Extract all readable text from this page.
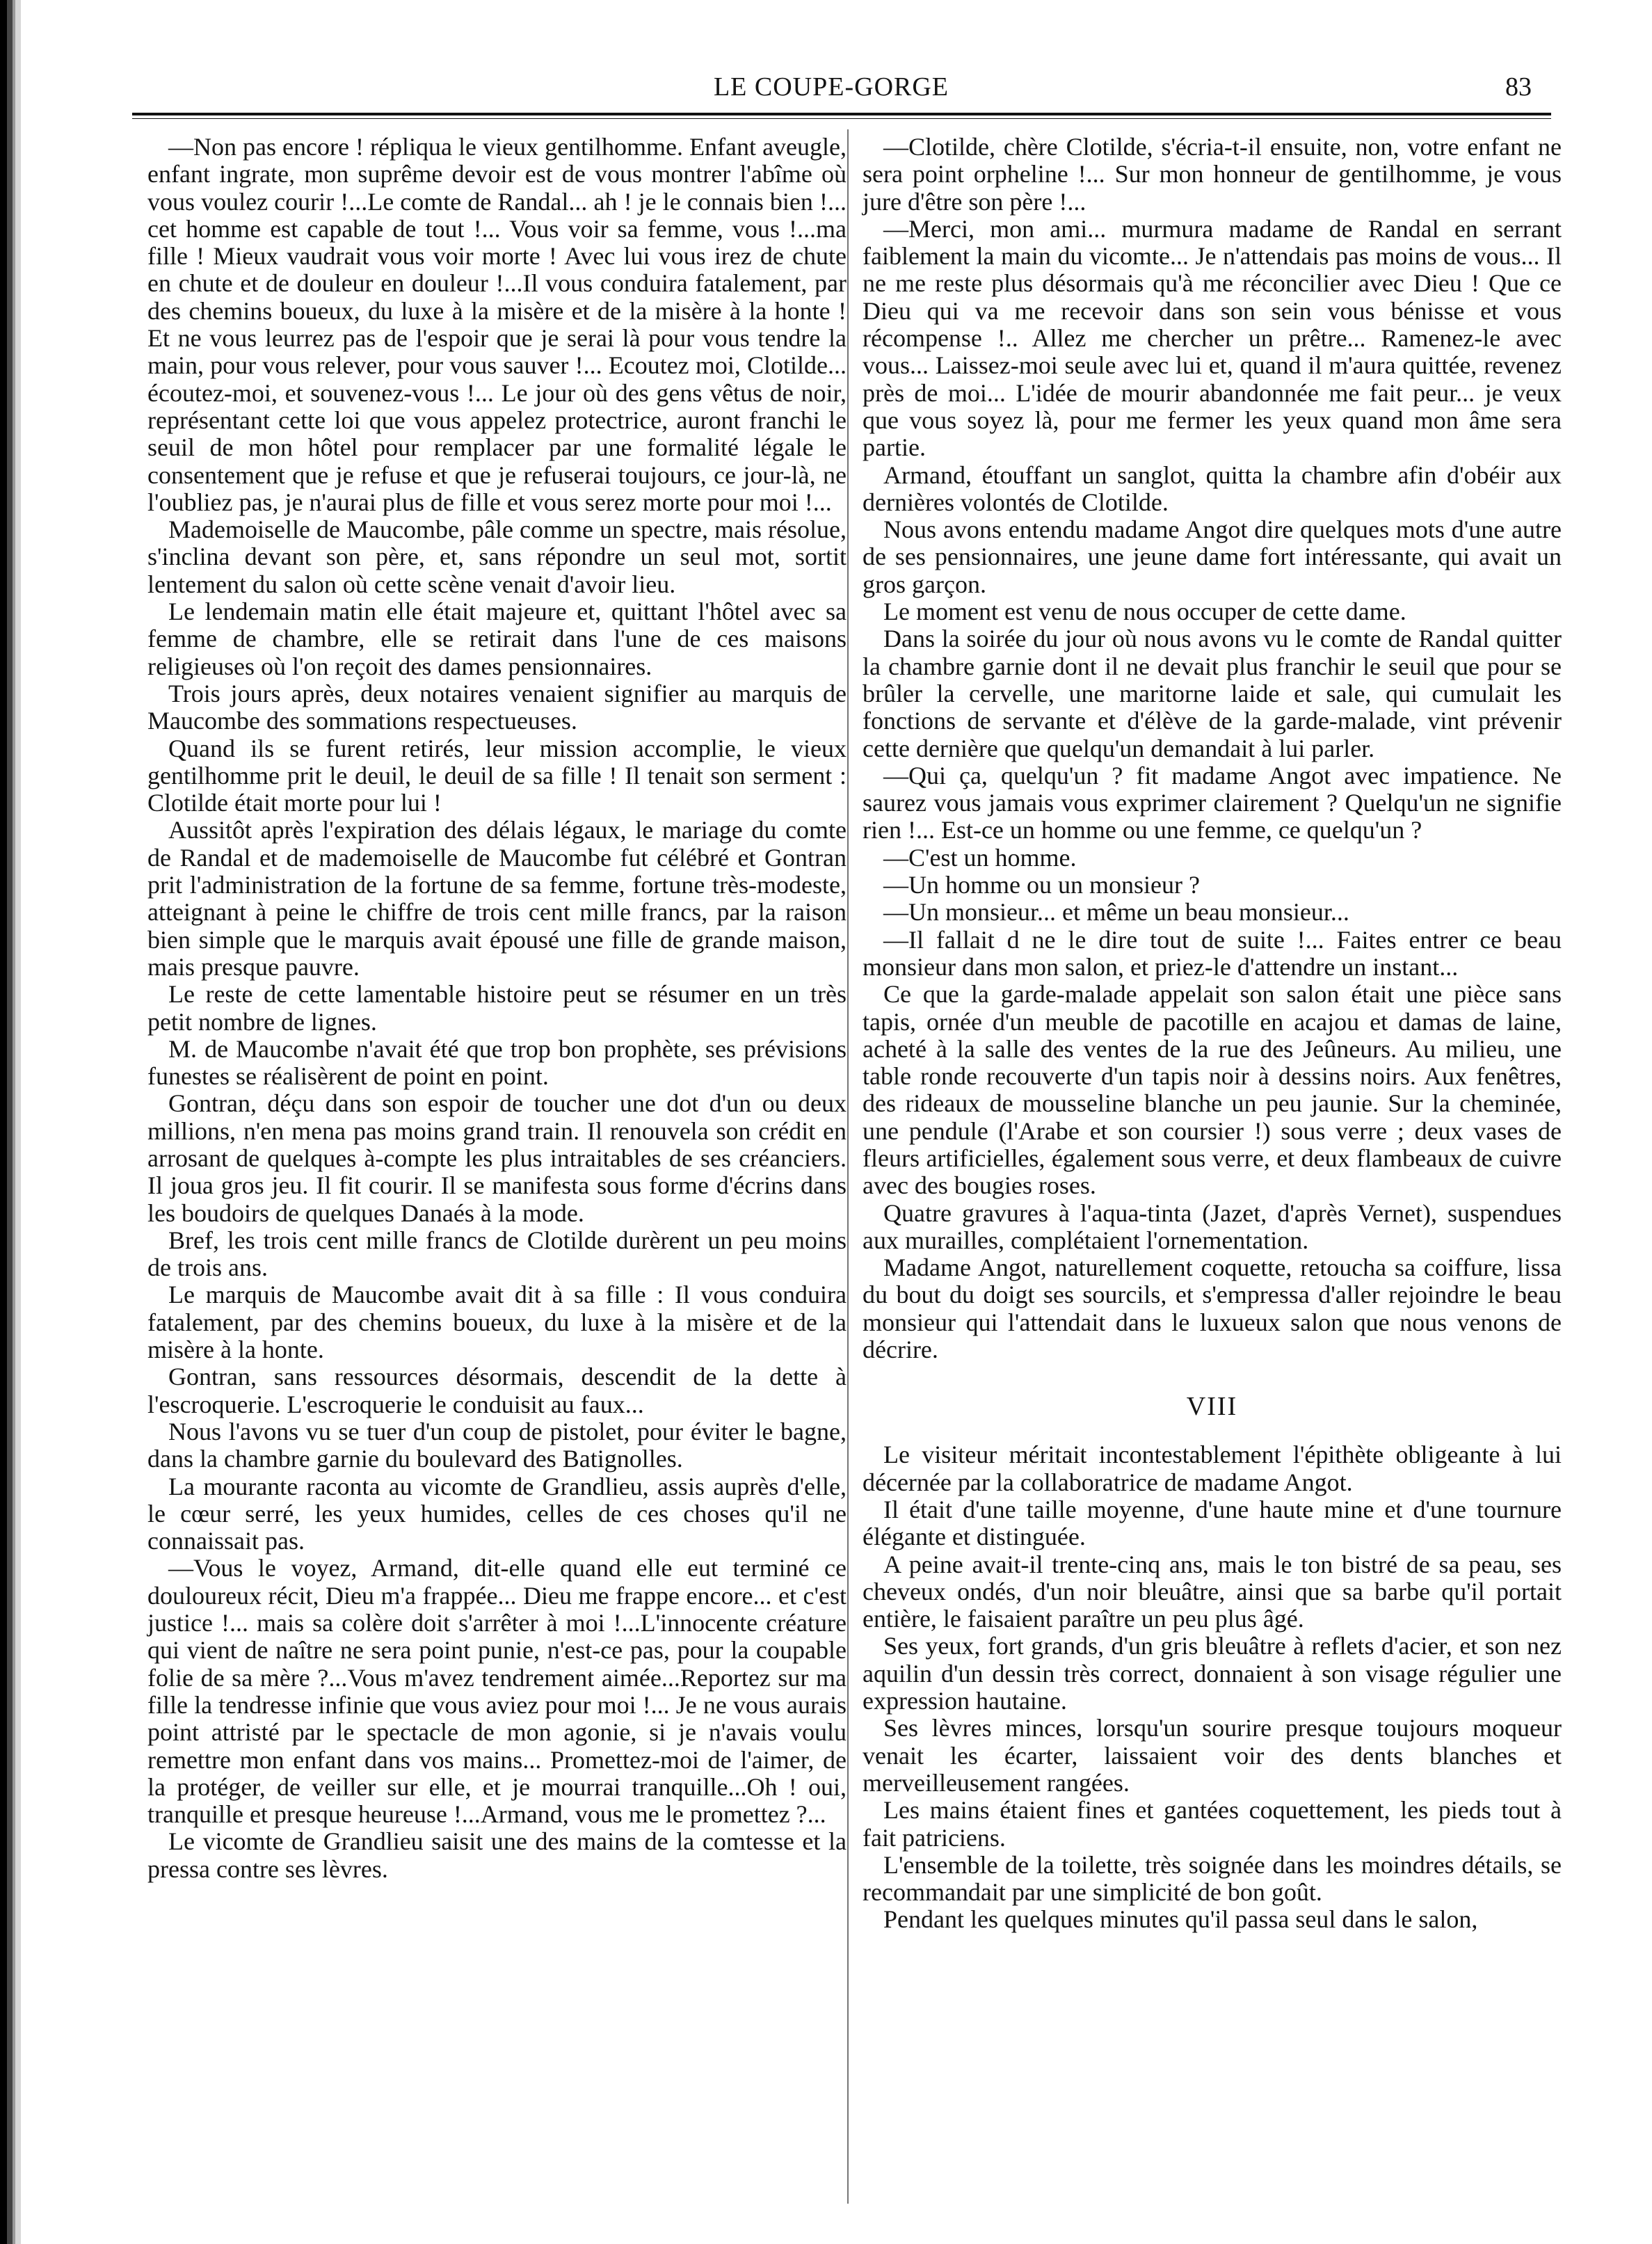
LE COUPE-GORGE	83

—Non pas encore ! répliqua le vieux gentilhomme. Enfant aveugle, enfant ingrate, mon suprême devoir est de vous montrer l'abîme où vous voulez courir !...Le comte de Randal... ah ! je le connais bien !... cet homme est capable de tout !... Vous voir sa femme, vous !...ma fille ! Mieux vaudrait vous voir morte ! Avec lui vous irez de chute en chute et de douleur en douleur !...Il vous conduira fatalement, par des chemins boueux, du luxe à la misère et de la misère à la honte ! Et ne vous leurrez pas de l'espoir que je serai là pour vous tendre la main, pour vous relever, pour vous sauver !... Ecoutez moi, Clotilde... écoutez-moi, et souvenez-vous !... Le jour où des gens vêtus de noir, représentant cette loi que vous appelez protectrice, auront franchi le seuil de mon hôtel pour remplacer par une formalité légale le consentement que je refuse et que je refuserai toujours, ce jour-là, ne l'oubliez pas, je n'aurai plus de fille et vous serez morte pour moi !...

Mademoiselle de Maucombe, pâle comme un spectre, mais résolue, s'inclina devant son père, et, sans répondre un seul mot, sortit lentement du salon où cette scène venait d'avoir lieu.

Le lendemain matin elle était majeure et, quittant l'hôtel avec sa femme de chambre, elle se retirait dans l'une de ces maisons religieuses où l'on reçoit des dames pensionnaires.

Trois jours après, deux notaires venaient signifier au marquis de Maucombe des sommations respectueuses.

Quand ils se furent retirés, leur mission accomplie, le vieux gentilhomme prit le deuil, le deuil de sa fille ! Il tenait son serment : Clotilde était morte pour lui !

Aussitôt après l'expiration des délais légaux, le mariage du comte de Randal et de mademoiselle de Maucombe fut célébré et Gontran prit l'administration de la fortune de sa femme, fortune très-modeste, atteignant à peine le chiffre de trois cent mille francs, par la raison bien simple que le marquis avait épousé une fille de grande maison, mais presque pauvre.

Le reste de cette lamentable histoire peut se résumer en un très petit nombre de lignes.

M. de Maucombe n'avait été que trop bon prophète, ses prévisions funestes se réalisèrent de point en point.

Gontran, déçu dans son espoir de toucher une dot d'un ou deux millions, n'en mena pas moins grand train. Il renouvela son crédit en arrosant de quelques à-compte les plus intraitables de ses créanciers. Il joua gros jeu. Il fit courir. Il se manifesta sous forme d'écrins dans les boudoirs de quelques Danaés à la mode.

Bref, les trois cent mille francs de Clotilde durèrent un peu moins de trois ans.

Le marquis de Maucombe avait dit à sa fille : Il vous conduira fatalement, par des chemins boueux, du luxe à la misère et de la misère à la honte.

Gontran, sans ressources désormais, descendit de la dette à l'escroquerie. L'escroquerie le conduisit au faux...

Nous l'avons vu se tuer d'un coup de pistolet, pour éviter le bagne, dans la chambre garnie du boulevard des Batignolles.

La mourante raconta au vicomte de Grandlieu, assis auprès d'elle, le cœur serré, les yeux humides, celles de ces choses qu'il ne connaissait pas.

—Vous le voyez, Armand, dit-elle quand elle eut terminé ce douloureux récit, Dieu m'a frappée... Dieu me frappe encore... et c'est justice !... mais sa colère doit s'arrêter à moi !...L'innocente créature qui vient de naître ne sera point punie, n'est-ce pas, pour la coupable folie de sa mère ?...Vous m'avez tendrement aimée...Reportez sur ma fille la tendresse infinie que vous aviez pour moi !... Je ne vous aurais point attristé par le spectacle de mon agonie, si je n'avais voulu remettre mon enfant dans vos mains... Promettez-moi de l'aimer, de la protéger, de veiller sur elle, et je mourrai tranquille...Oh ! oui, tranquille et presque heureuse !...Armand, vous me le promettez ?...

Le vicomte de Grandlieu saisit une des mains de la comtesse et la pressa contre ses lèvres.

—Clotilde, chère Clotilde, s'écria-t-il ensuite, non, votre enfant ne sera point orpheline !... Sur mon honneur de gentilhomme, je vous jure d'être son père !...

—Merci, mon ami... murmura madame de Randal en serrant faiblement la main du vicomte... Je n'attendais pas moins de vous... Il ne me reste plus désormais qu'à me réconcilier avec Dieu ! Que ce Dieu qui va me recevoir dans son sein vous bénisse et vous récompense !.. Allez me chercher un prêtre... Ramenez-le avec vous... Laissez-moi seule avec lui et, quand il m'aura quittée, revenez près de moi... L'idée de mourir abandonnée me fait peur... je veux que vous soyez là, pour me fermer les yeux quand mon âme sera partie.

Armand, étouffant un sanglot, quitta la chambre afin d'obéir aux dernières volontés de Clotilde.

Nous avons entendu madame Angot dire quelques mots d'une autre de ses pensionnaires, une jeune dame fort intéressante, qui avait un gros garçon.

Le moment est venu de nous occuper de cette dame.

Dans la soirée du jour où nous avons vu le comte de Randal quitter la chambre garnie dont il ne devait plus franchir le seuil que pour se brûler la cervelle, une maritorne laide et sale, qui cumulait les fonctions de servante et d'élève de la garde-malade, vint prévenir cette dernière que quelqu'un demandait à lui parler.

—Qui ça, quelqu'un ? fit madame Angot avec impatience. Ne saurez vous jamais vous exprimer clairement ? Quelqu'un ne signifie rien !... Est-ce un homme ou une femme, ce quelqu'un ?

—C'est un homme.

—Un homme ou un monsieur ?

—Un monsieur... et même un beau monsieur...

—Il fallait d ne le dire tout de suite !... Faites entrer ce beau monsieur dans mon salon, et priez-le d'attendre un instant...

Ce que la garde-malade appelait son salon était une pièce sans tapis, ornée d'un meuble de pacotille en acajou et damas de laine, acheté à la salle des ventes de la rue des Jeûneurs. Au milieu, une table ronde recouverte d'un tapis noir à dessins noirs. Aux fenêtres, des rideaux de mousseline blanche un peu jaunie. Sur la cheminée, une pendule (l'Arabe et son coursier !) sous verre ; deux vases de fleurs artificielles, également sous verre, et deux flambeaux de cuivre avec des bougies roses.

Quatre gravures à l'aqua-tinta (Jazet, d'après Vernet), suspendues aux murailles, complétaient l'ornementation.

Madame Angot, naturellement coquette, retoucha sa coiffure, lissa du bout du doigt ses sourcils, et s'empressa d'aller rejoindre le beau monsieur qui l'attendait dans le luxueux salon que nous venons de décrire.

VIII

Le visiteur méritait incontestablement l'épithète obligeante à lui décernée par la collaboratrice de madame Angot.

Il était d'une taille moyenne, d'une haute mine et d'une tournure élégante et distinguée.

A peine avait-il trente-cinq ans, mais le ton bistré de sa peau, ses cheveux ondés, d'un noir bleuâtre, ainsi que sa barbe qu'il portait entière, le faisaient paraître un peu plus âgé.

Ses yeux, fort grands, d'un gris bleuâtre à reflets d'acier, et son nez aquilin d'un dessin très correct, donnaient à son visage régulier une expression hautaine.

Ses lèvres minces, lorsqu'un sourire presque toujours moqueur venait les écarter, laissaient voir des dents blanches et merveilleusement rangées.

Les mains étaient fines et gantées coquettement, les pieds tout à fait patriciens.

L'ensemble de la toilette, très soignée dans les moindres détails, se recommandait par une simplicité de bon goût.

Pendant les quelques minutes qu'il passa seul dans le salon,
